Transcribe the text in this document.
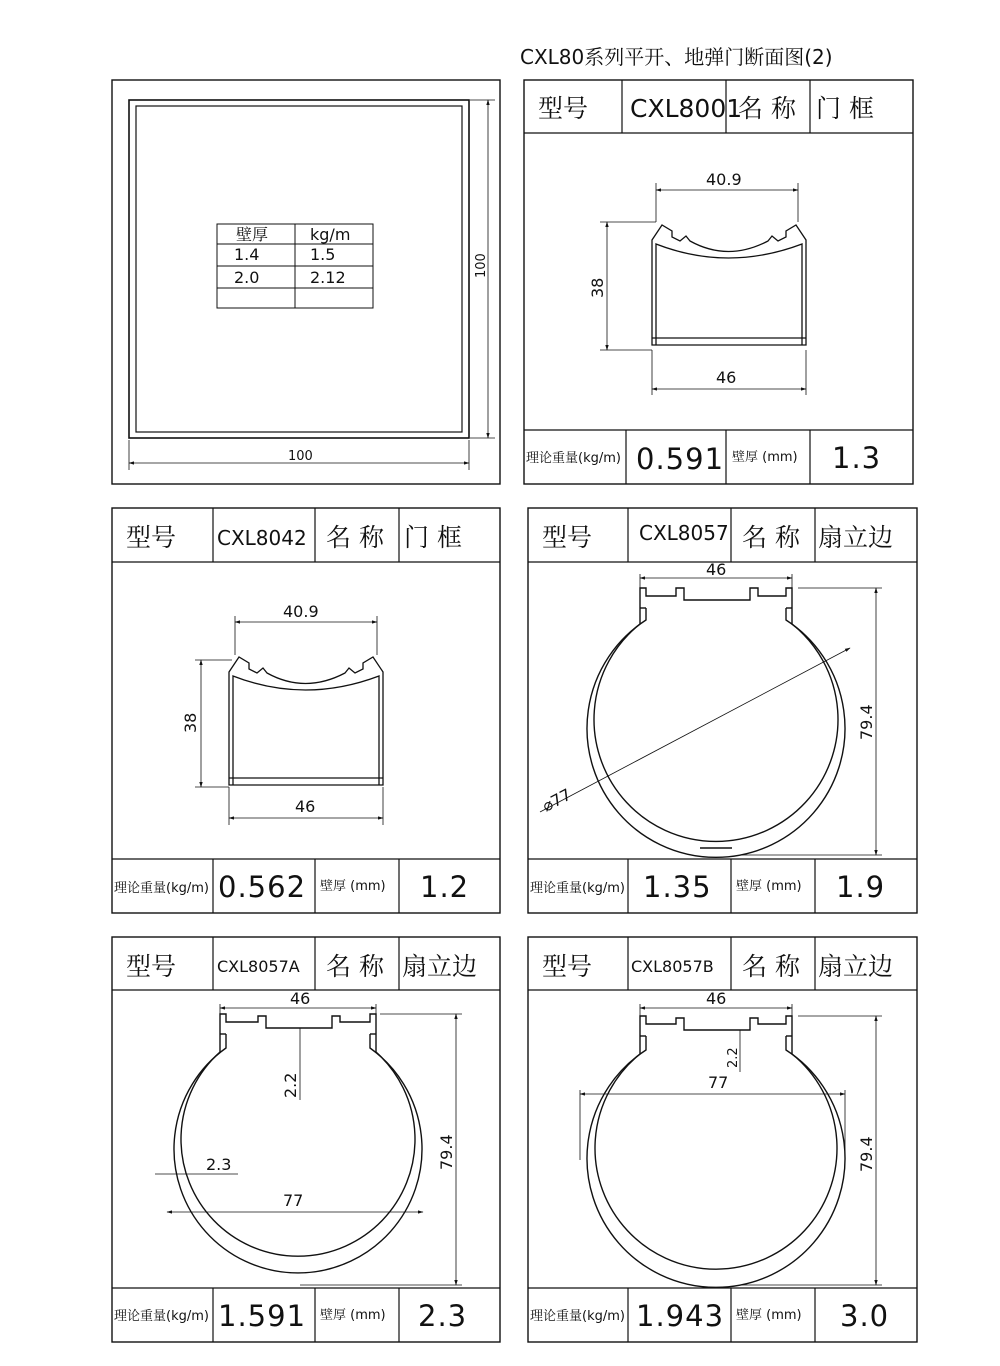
CXL80系列平开、地弹门断面图(2)
壁厚	kg/m
1.4	1.5
2.0	2.12
100
100
型号 CXL8001
名 称 门 框
理论重量(kg/m) 0.591 壁厚 (mm) 1.3
40.9
38
46
型号 CXL8042 名 称 门 框
理论重量(kg/m) 0.562 壁厚 (mm) 1.2
40.9
38
46
型号 CXL8057 名 称 扇立边
理论重量(kg/m) 1.35 壁厚 (mm) 1.9
46
79.4
⌀77
型号	CXL8057A 名 称 扇立边
理论重量(kg/m) 1.591 壁厚 (mm) 2.3
46
2.2
79.4
2.3
77
型号 CXL8057B 名 称 扇立边
理论重量(kg/m) 1.943 壁厚 (mm) 3.0
46
2.2
79.4
77
